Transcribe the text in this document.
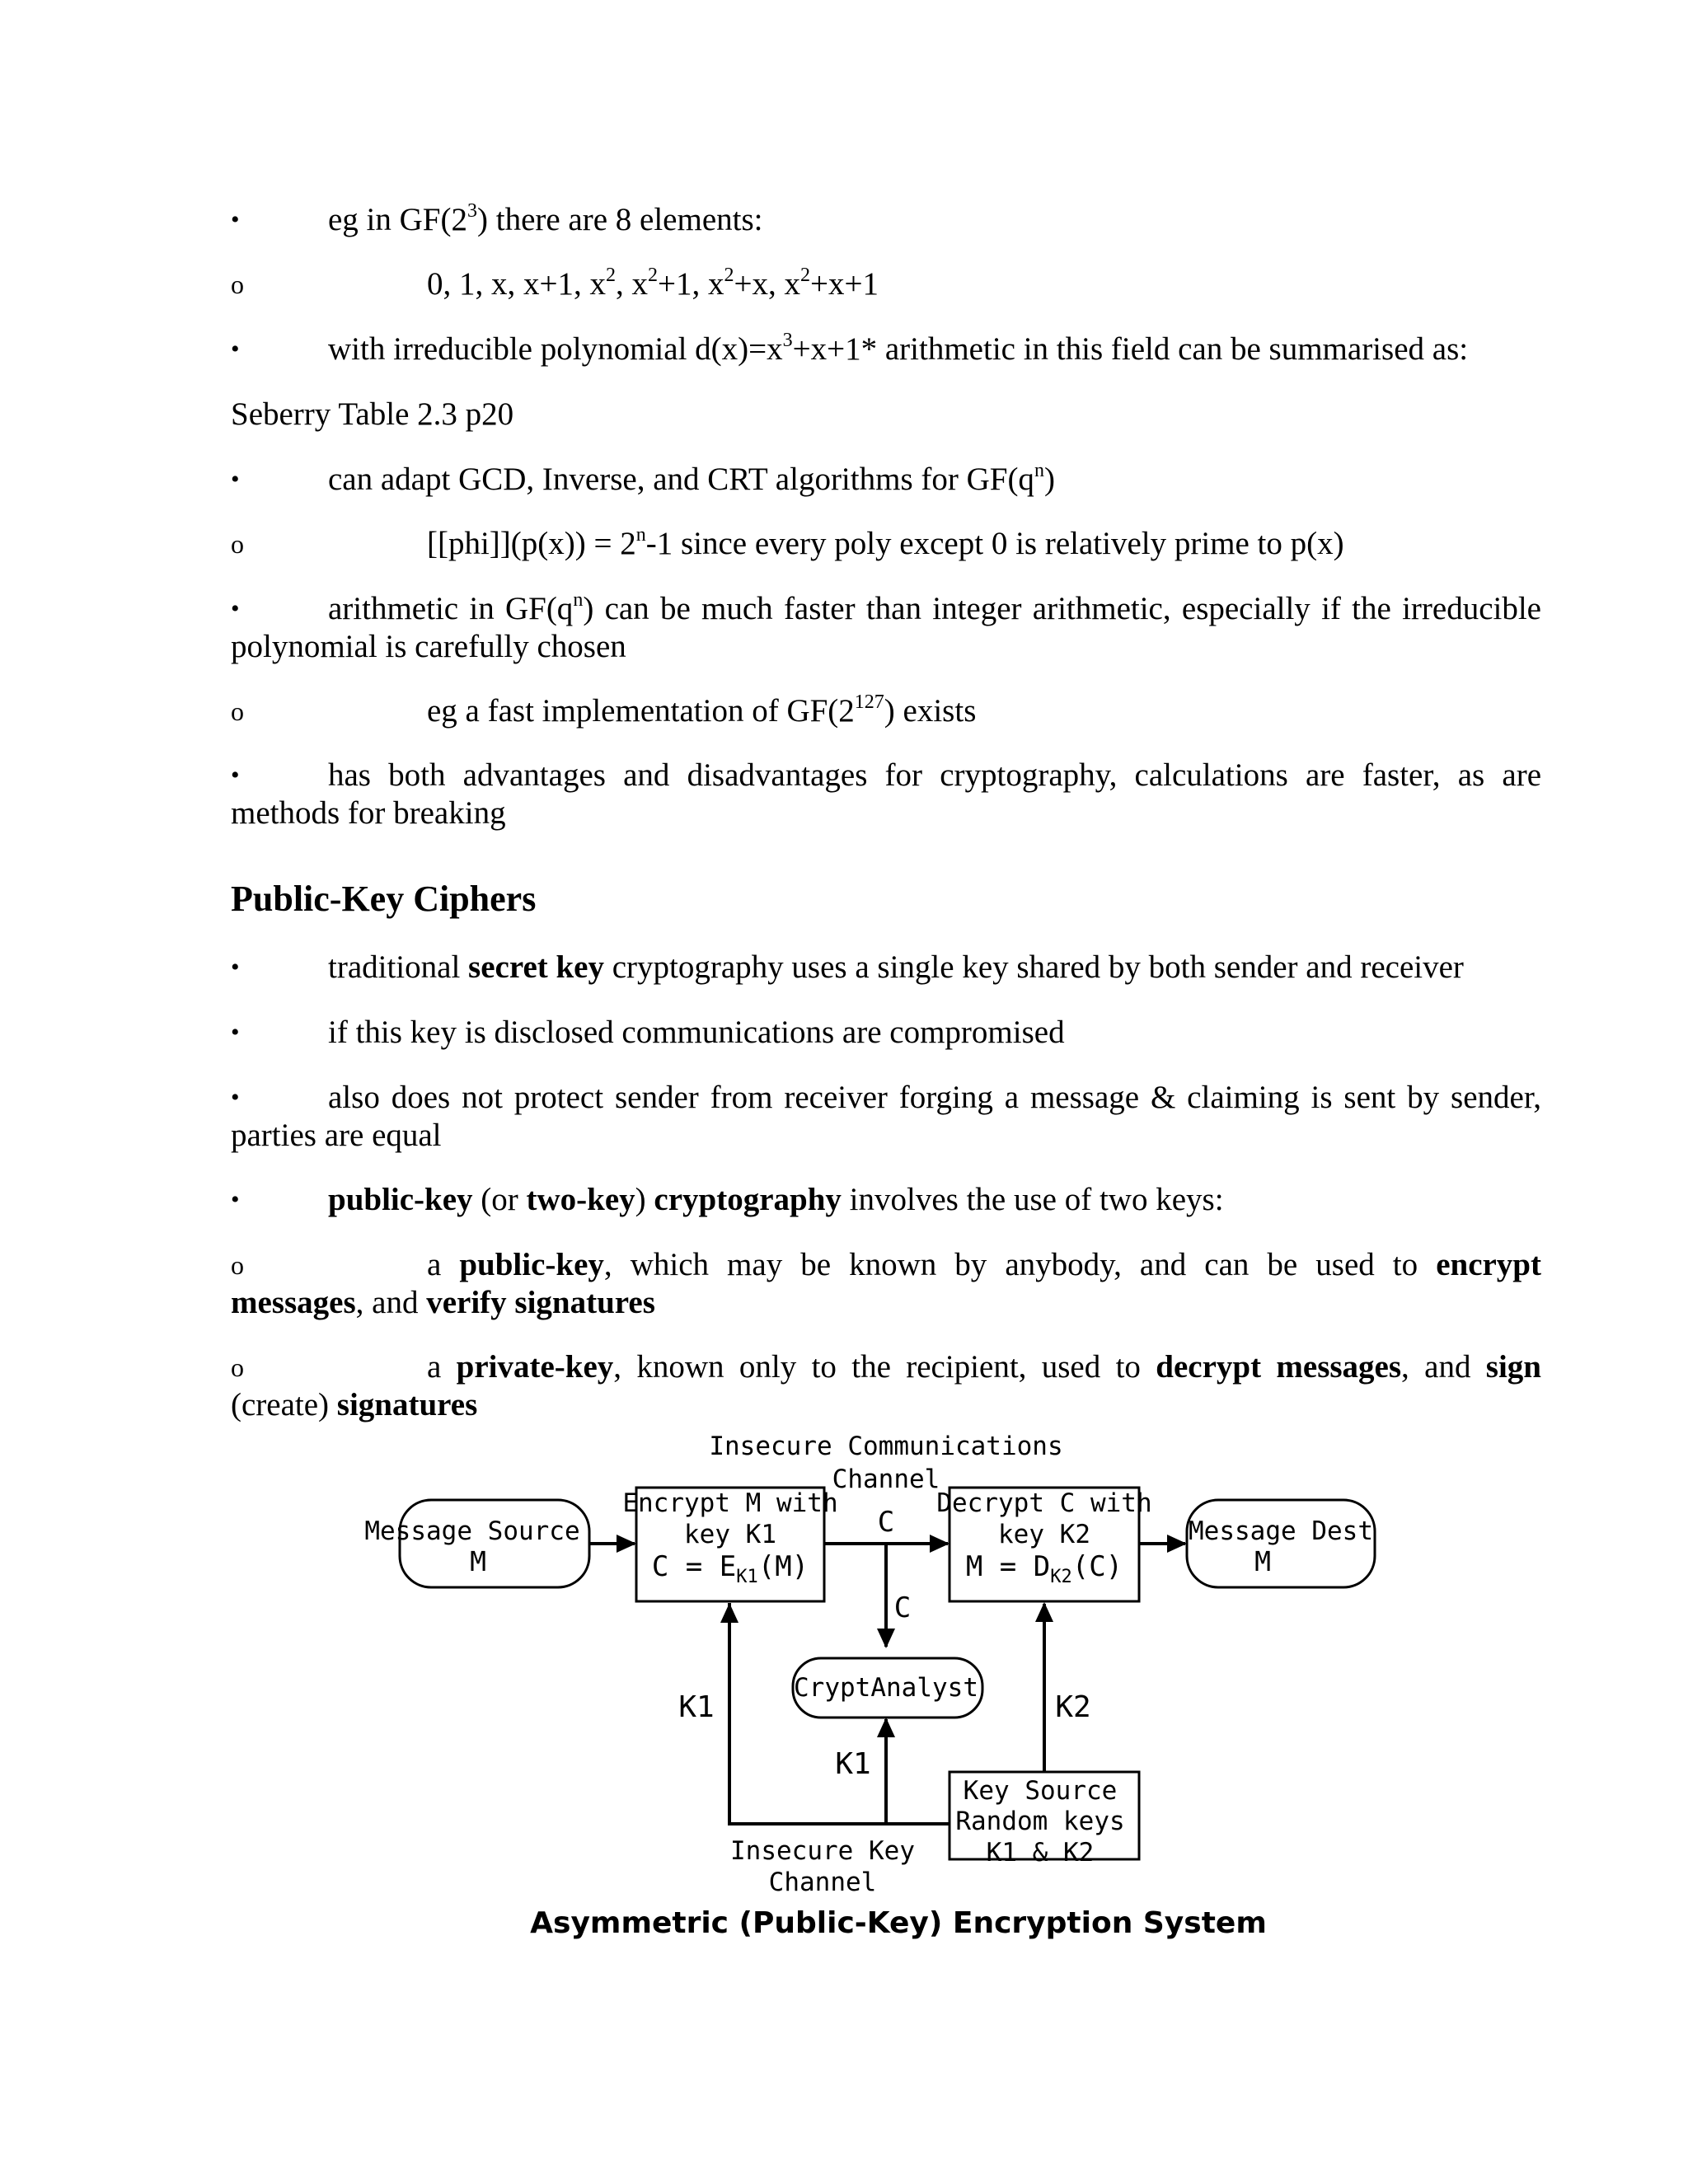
•	eg in $GF(2^3)$ there are 8 elements:
o	0, 1, x, x+1, $x^2$, $x^2+1$, $x^2+x$, $x^2+x+1$
•	with irreducible polynomial $d(x)=x^3+x+1*$ arithmetic in this field can be summarised as:
Seberry Table 2.3 p20
•	can adapt GCD, Inverse, and CRT algorithms for $GF(q^n)$
o	$[[phi]](p(x)) = 2^n-1$ since every poly except 0 is relatively prime to p(x)
•	arithmetic in $GF(q^n)$ can be much faster than integer arithmetic, especially if the irreducible polynomial is carefully chosen
o	eg a fast implementation of $GF(2^{127})$ exists
•	has both advantages and disadvantages for cryptography, calculations are faster, as are methods for breaking
Public-Key Ciphers
•	traditional secret key cryptography uses a single key shared by both sender and receiver
•	if this key is disclosed communications are compromised
•	also does not protect sender from receiver forging a message & claiming is sent by sender, parties are equal
•	public-key (or two-key) cryptography involves the use of two keys:
o	a public-key, which may be known by anybody, and can be used to encrypt messages, and verify signatures
o	a private-key, known only to the recipient, used to decrypt messages, and sign (create) signatures
Insecure Communications
Channel
Message Source
M
Encrypt M with
key K1
$C = E_{K1}(M)$
Decrypt C with
key K2
$M = D_{K2}(C)$
Message Dest
M
C
C
CryptAnalyst
K1
K1
K2
Key Source
Random keys
K1 & K2
Insecure Key
Channel
Asymmetric (Public-Key) Encryption System
